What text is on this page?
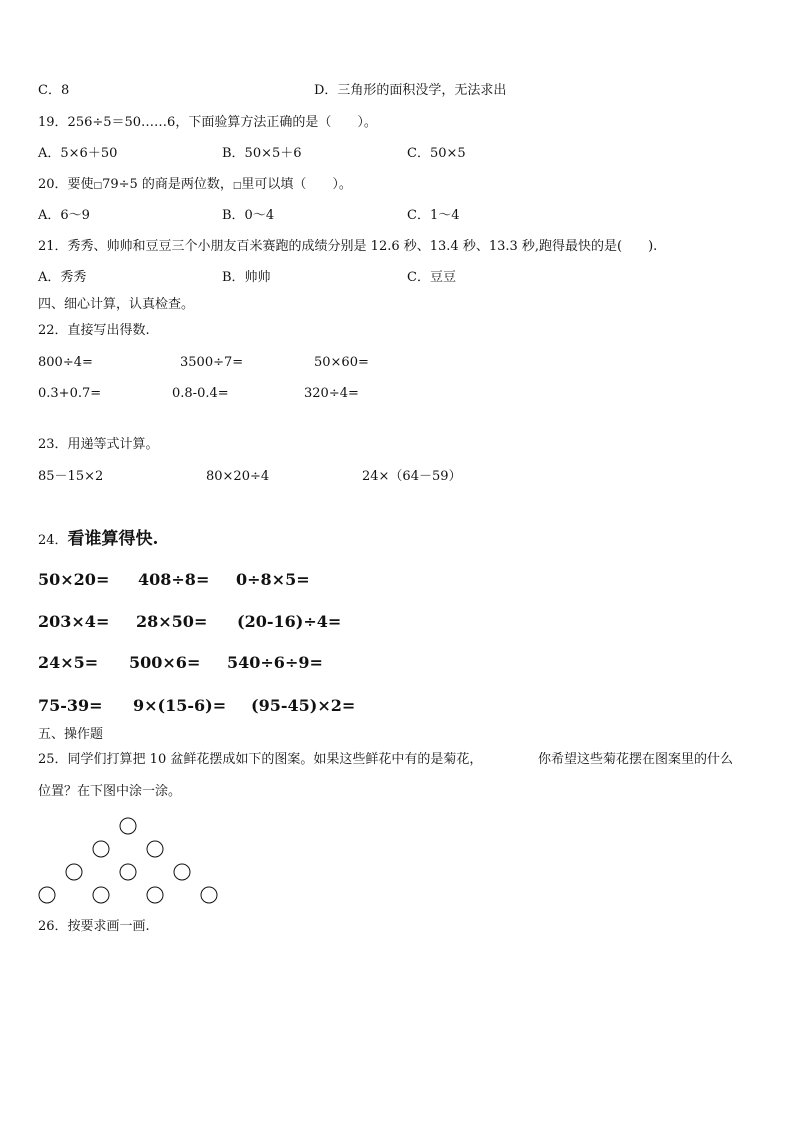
C．8	D．三角形的面积没学，无法求出
19．256÷5＝50……6，下面验算方法正确的是（　　）。
A．5×6＋50	B．50×5＋6	C．50×5
20．要使□79÷5 的商是两位数，□里可以填（　　）。
A．6～9	B．0～4	C．1～4
21．秀秀、帅帅和豆豆三个小朋友百米赛跑的成绩分别是 12.6 秒、13.4 秒、13.3 秒,跑得最快的是(　　).
A．秀秀	B．帅帅	C．豆豆
四、细心计算，认真检查。
22．直接写出得数.
800÷4=	3500÷7=	50×60=
0.3+0.7=	0.8-0.4=	320÷4=
23．用递等式计算。
85－15×2	80×20÷4	24×（64－59）
24．看谁算得快.
50×20= 408÷8= 0÷8×5=
203×4= 28×50= (20-16)÷4=
24×5= 500×6= 540÷6÷9=
75-39= 9×(15-6)= (95-45)×2=
五、操作题
25．同学们打算把 10 盆鲜花摆成如下的图案。如果这些鲜花中有的是菊花，	你希望这些菊花摆在图案里的什么
位置？在下图中涂一涂。
26．按要求画一画.
